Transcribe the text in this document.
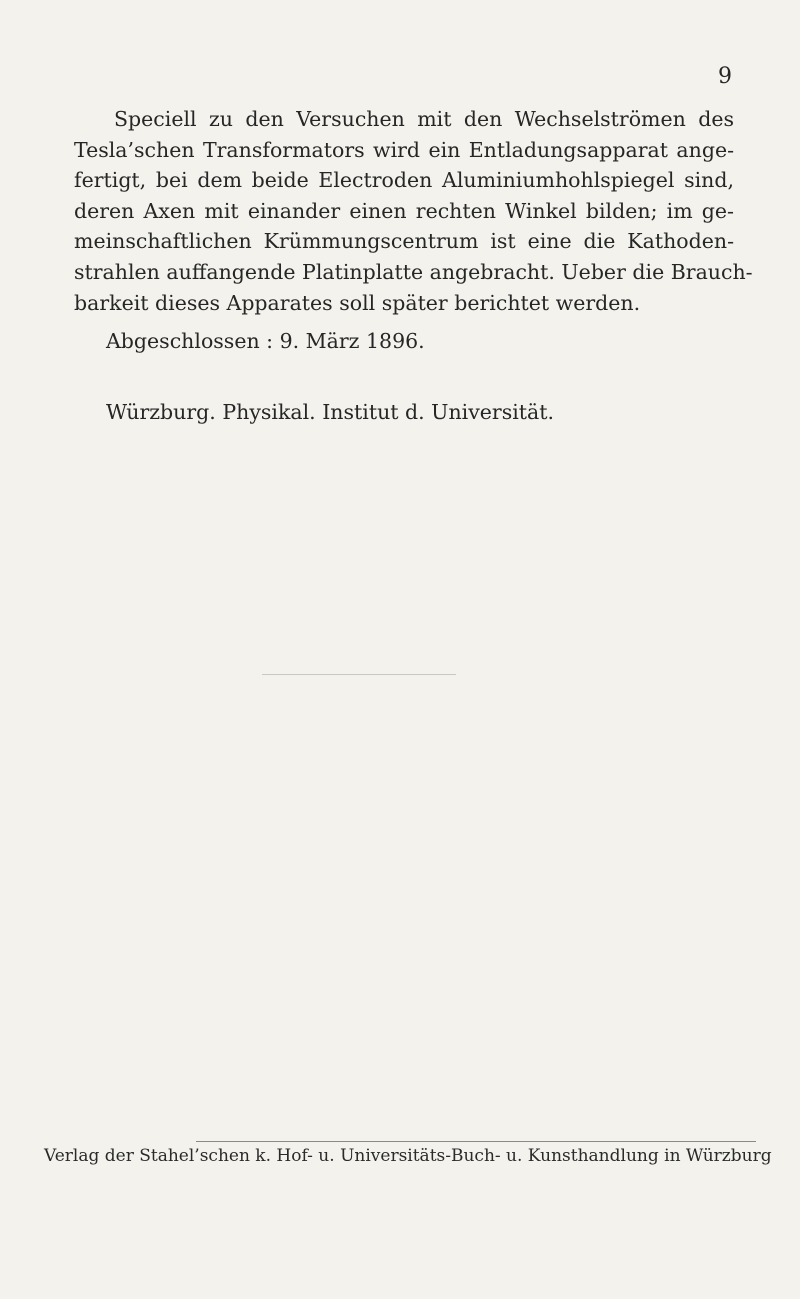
9
Speciell zu den Versuchen mit den Wechselströmen des
Tesla’schen Transformators wird ein Entladungsapparat ange-
fertigt, bei dem beide Electroden Aluminiumhohlspiegel sind,
deren Axen mit einander einen rechten Winkel bilden; im ge-
meinschaftlichen Krümmungscentrum ist eine die Kathoden-
strahlen auffangende Platinplatte angebracht. Ueber die Brauch-
barkeit dieses Apparates soll später berichtet werden.
Abgeschlossen : 9. März 1896.
Würzburg. Physikal. Institut d. Universität.
Verlag der Stahel’schen k. Hof- u. Universitäts-Buch- u. Kunsthandlung in Würzburg
